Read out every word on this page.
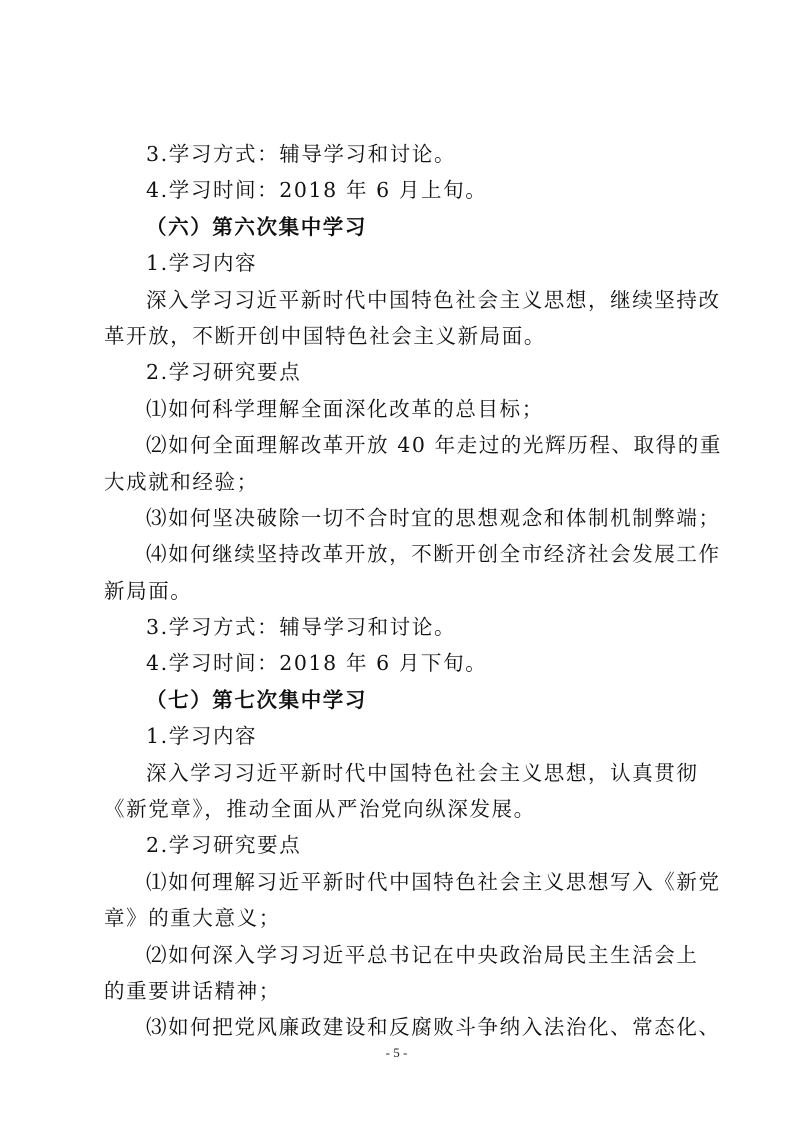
3.学习方式：辅导学习和讨论。
4.学习时间：2018 年 6 月上旬。
（六）第六次集中学习
1.学习内容
深入学习习近平新时代中国特色社会主义思想，继续坚持改
革开放，不断开创中国特色社会主义新局面。
2.学习研究要点
⑴如何科学理解全面深化改革的总目标；
⑵如何全面理解改革开放 40 年走过的光辉历程、取得的重
大成就和经验；
⑶如何坚决破除一切不合时宜的思想观念和体制机制弊端；
⑷如何继续坚持改革开放，不断开创全市经济社会发展工作
新局面。
3.学习方式：辅导学习和讨论。
4.学习时间：2018 年 6 月下旬。
（七）第七次集中学习
1.学习内容
深入学习习近平新时代中国特色社会主义思想，认真贯彻
《新党章》，推动全面从严治党向纵深发展。
2.学习研究要点
⑴如何理解习近平新时代中国特色社会主义思想写入《新党
章》的重大意义；
⑵如何深入学习习近平总书记在中央政治局民主生活会上
的重要讲话精神；
⑶如何把党风廉政建设和反腐败斗争纳入法治化、常态化、
- 5 -
